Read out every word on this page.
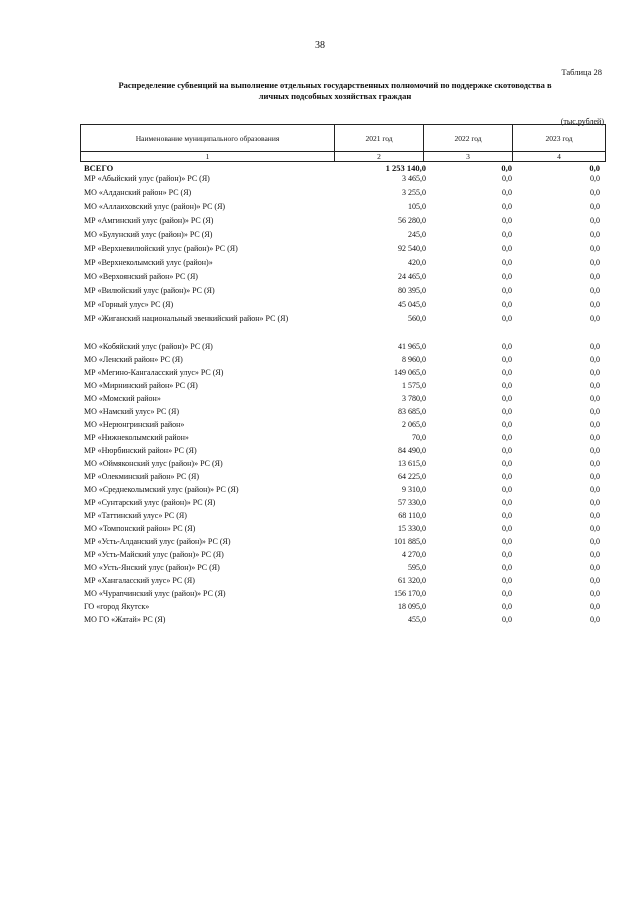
38
Таблица 28
Распределение субвенций на выполнение отдельных государственных полномочий по поддержке скотоводства в
личных подсобных хозяйствах граждан
(тыс.рублей)
Наименование муниципального образования	2021 год	2022 год	2023 год
1	2	3	4
ВСЕГО	1 253 140,0	0,0	0,0
МР «Абыйский улус (район)» РС (Я)	3 465,0	0,0	0,0
МО «Алданский район» РС (Я)	3 255,0	0,0	0,0
МО «Аллаиховский улус (район)» РС (Я)	105,0	0,0	0,0
МР «Амгинский улус (район)» РС (Я)	56 280,0	0,0	0,0
МО «Булунский улус (район)» РС (Я)	245,0	0,0	0,0
МР «Верхневилюйский улус (район)» РС (Я)	92 540,0	0,0	0,0
МР «Верхнеколымский улус (район)»	420,0	0,0	0,0
МО «Верхоянский район» РС (Я)	24 465,0	0,0	0,0
МР «Вилюйский улус (район)» РС (Я)	80 395,0	0,0	0,0
МР «Горный улус» РС (Я)	45 045,0	0,0	0,0
МР «Жиганский национальный эвенкийский район» РС (Я)	560,0	0,0	0,0
МО «Кобяйский улус (район)» РС (Я)	41 965,0	0,0	0,0
МО «Ленский район» РС (Я)	8 960,0	0,0	0,0
МР «Мегино-Кангаласский улус» РС (Я)	149 065,0	0,0	0,0
МО «Мирнинский район» РС (Я)	1 575,0	0,0	0,0
МО «Момский район»	3 780,0	0,0	0,0
МО «Намский улус» РС (Я)	83 685,0	0,0	0,0
МО «Нерюнгринский район»	2 065,0	0,0	0,0
МР «Нижнеколымский район»	70,0	0,0	0,0
МР «Нюрбинский район» РС (Я)	84 490,0	0,0	0,0
МО «Оймяконский улус (район)» РС (Я)	13 615,0	0,0	0,0
МР «Олекминский район» РС (Я)	64 225,0	0,0	0,0
МО «Среднеколымский улус (район)» РС (Я)	9 310,0	0,0	0,0
МР «Сунтарский улус (район)» РС (Я)	57 330,0	0,0	0,0
МР «Таттинский улус» РС (Я)	68 110,0	0,0	0,0
МО «Томпонский район» РС (Я)	15 330,0	0,0	0,0
МР «Усть-Алданский улус (район)» РС (Я)	101 885,0	0,0	0,0
МР «Усть-Майский улус (район)» РС (Я)	4 270,0	0,0	0,0
МО «Усть-Янский улус (район)» РС (Я)	595,0	0,0	0,0
МР «Хангаласский улус» РС (Я)	61 320,0	0,0	0,0
МО «Чурапчинский улус (район)» РС (Я)	156 170,0	0,0	0,0
ГО «город Якутск»	18 095,0	0,0	0,0
МО ГО «Жатай» РС (Я)	455,0	0,0	0,0
